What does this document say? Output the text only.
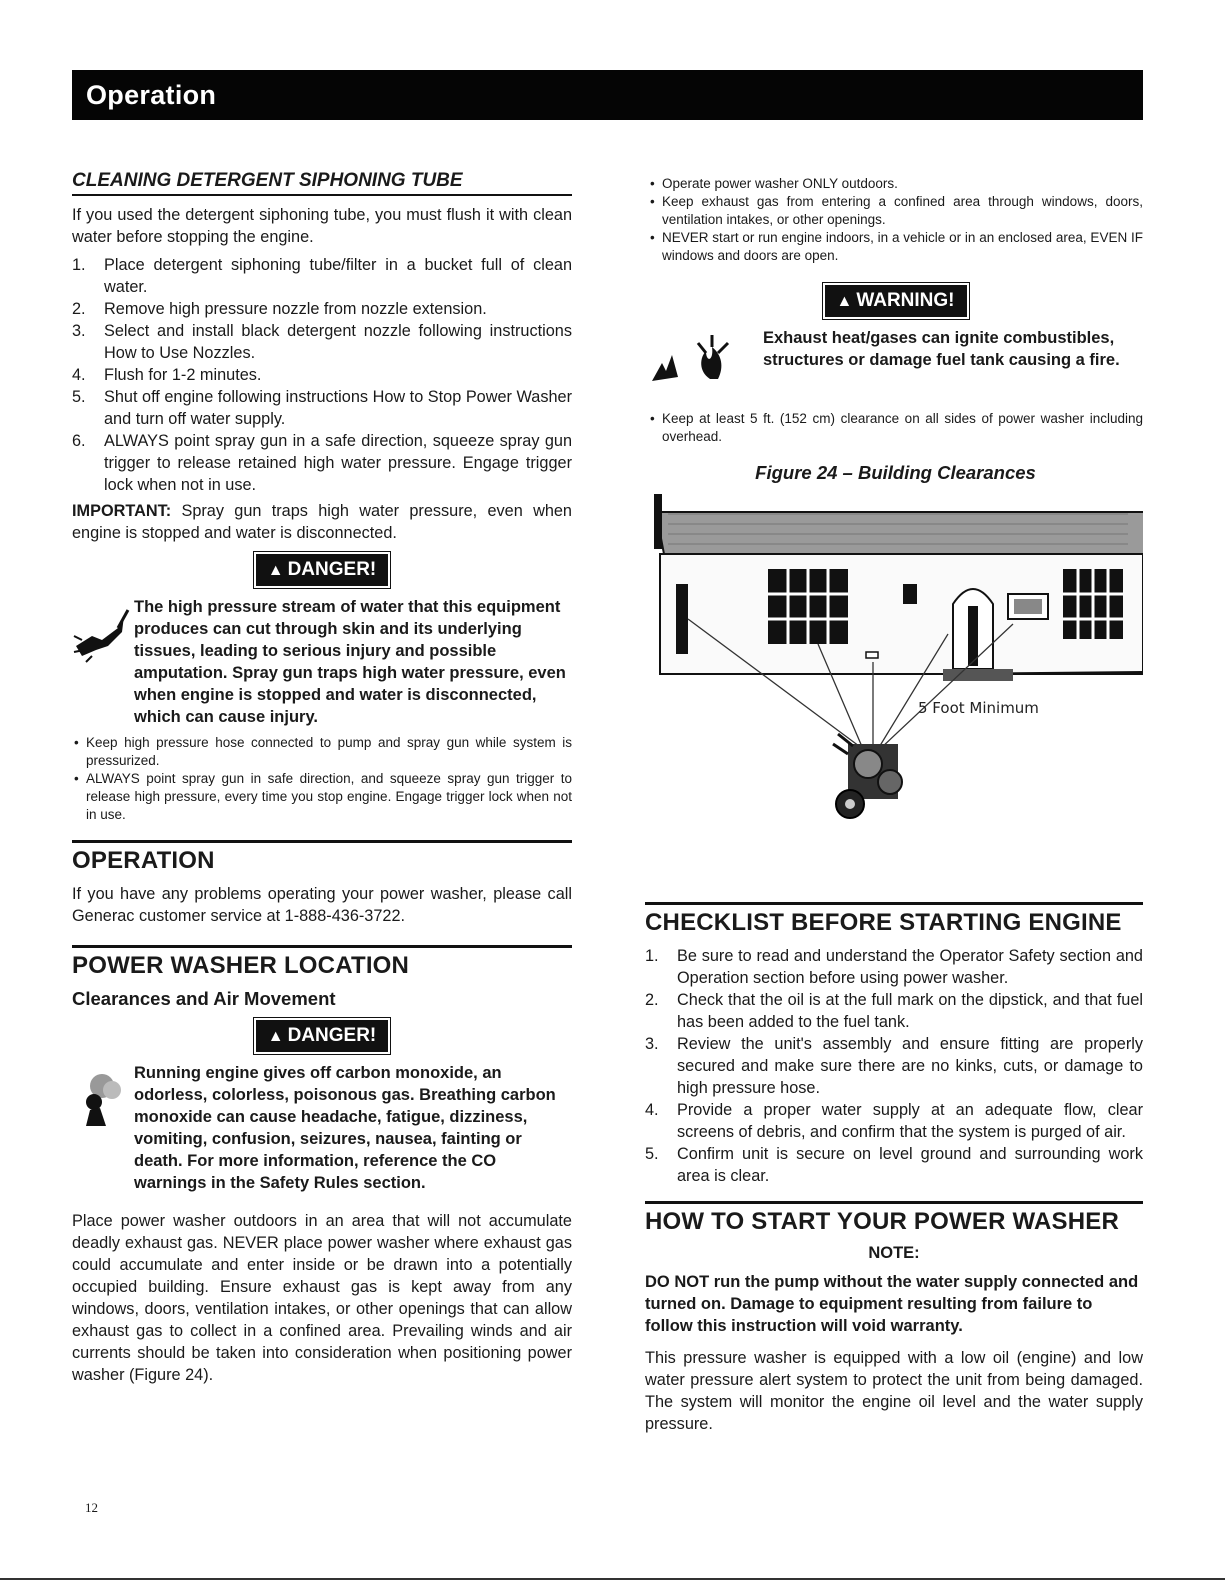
Operation
CLEANING DETERGENT SIPHONING TUBE

If you used the detergent siphoning tube, you must flush it with clean water before stopping the engine.

1.	Place detergent siphoning tube/filter in a bucket full of clean water.
2.	Remove high pressure nozzle from nozzle extension.
3.	Select and install black detergent nozzle following instructions How to Use Nozzles.
4.	Flush for 1-2 minutes.
5.	Shut off engine following instructions How to Stop Power Washer and turn off water supply.
6.	ALWAYS point spray gun in a safe direction, squeeze spray gun trigger to release retained high water pressure. Engage trigger lock when not in use.

IMPORTANT: Spray gun traps high water pressure, even when engine is stopped and water is disconnected.

▲ DANGER!
The high pressure stream of water that this equipment produces can cut through skin and its underlying tissues, leading to serious injury and possible amputation. Spray gun traps high water pressure, even when engine is stopped and water is disconnected, which can cause injury.
• Keep high pressure hose connected to pump and spray gun while system is pressurized.
• ALWAYS point spray gun in safe direction, and squeeze spray gun trigger to release high pressure, every time you stop engine. Engage trigger lock when not in use.
OPERATION

If you have any problems operating your power washer, please call Generac customer service at 1-888-436-3722.

POWER WASHER LOCATION
Clearances and Air Movement
▲ DANGER!
Running engine gives off carbon monoxide, an odorless, colorless, poisonous gas. Breathing carbon monoxide can cause headache, fatigue, dizziness, vomiting, confusion, seizures, nausea, fainting or death. For more information, reference the CO warnings in the Safety Rules section.

Place power washer outdoors in an area that will not accumulate deadly exhaust gas. NEVER place power washer where exhaust gas could accumulate and enter inside or be drawn into a potentially occupied building. Ensure exhaust gas is kept away from any windows, doors, ventilation intakes, or other openings that can allow exhaust gas to collect in a confined area. Prevailing winds and air currents should be taken into consideration when positioning power washer (Figure 24).

• Operate power washer ONLY outdoors.
• Keep exhaust gas from entering a confined area through windows, doors, ventilation intakes, or other openings.
• NEVER start or run engine indoors, in a vehicle or in an enclosed area, EVEN IF windows and doors are open.
▲ WARNING!
Exhaust heat/gases can ignite combustibles, structures or damage fuel tank causing a fire.
• Keep at least 5 ft. (152 cm) clearance on all sides of power washer including overhead.
Figure 24 – Building Clearances
5 Foot Minimum
CHECKLIST BEFORE STARTING ENGINE
1.	Be sure to read and understand the Operator Safety section and Operation section before using power washer.
2.	Check that the oil is at the full mark on the dipstick, and that fuel has been added to the fuel tank.
3.	Review the unit's assembly and ensure fitting are properly secured and make sure there are no kinks, cuts, or damage to high pressure hose.
4.	Provide a proper water supply at an adequate flow, clear screens of debris, and confirm that the system is purged of air.
5.	Confirm unit is secure on level ground and surrounding work area is clear.
HOW TO START YOUR POWER WASHER
NOTE:
DO NOT run the pump without the water supply connected and turned on. Damage to equipment resulting from failure to follow this instruction will void warranty.

This pressure washer is equipped with a low oil (engine) and low water pressure alert system to protect the unit from being damaged. The system will monitor the engine oil level and the water supply pressure.

12
